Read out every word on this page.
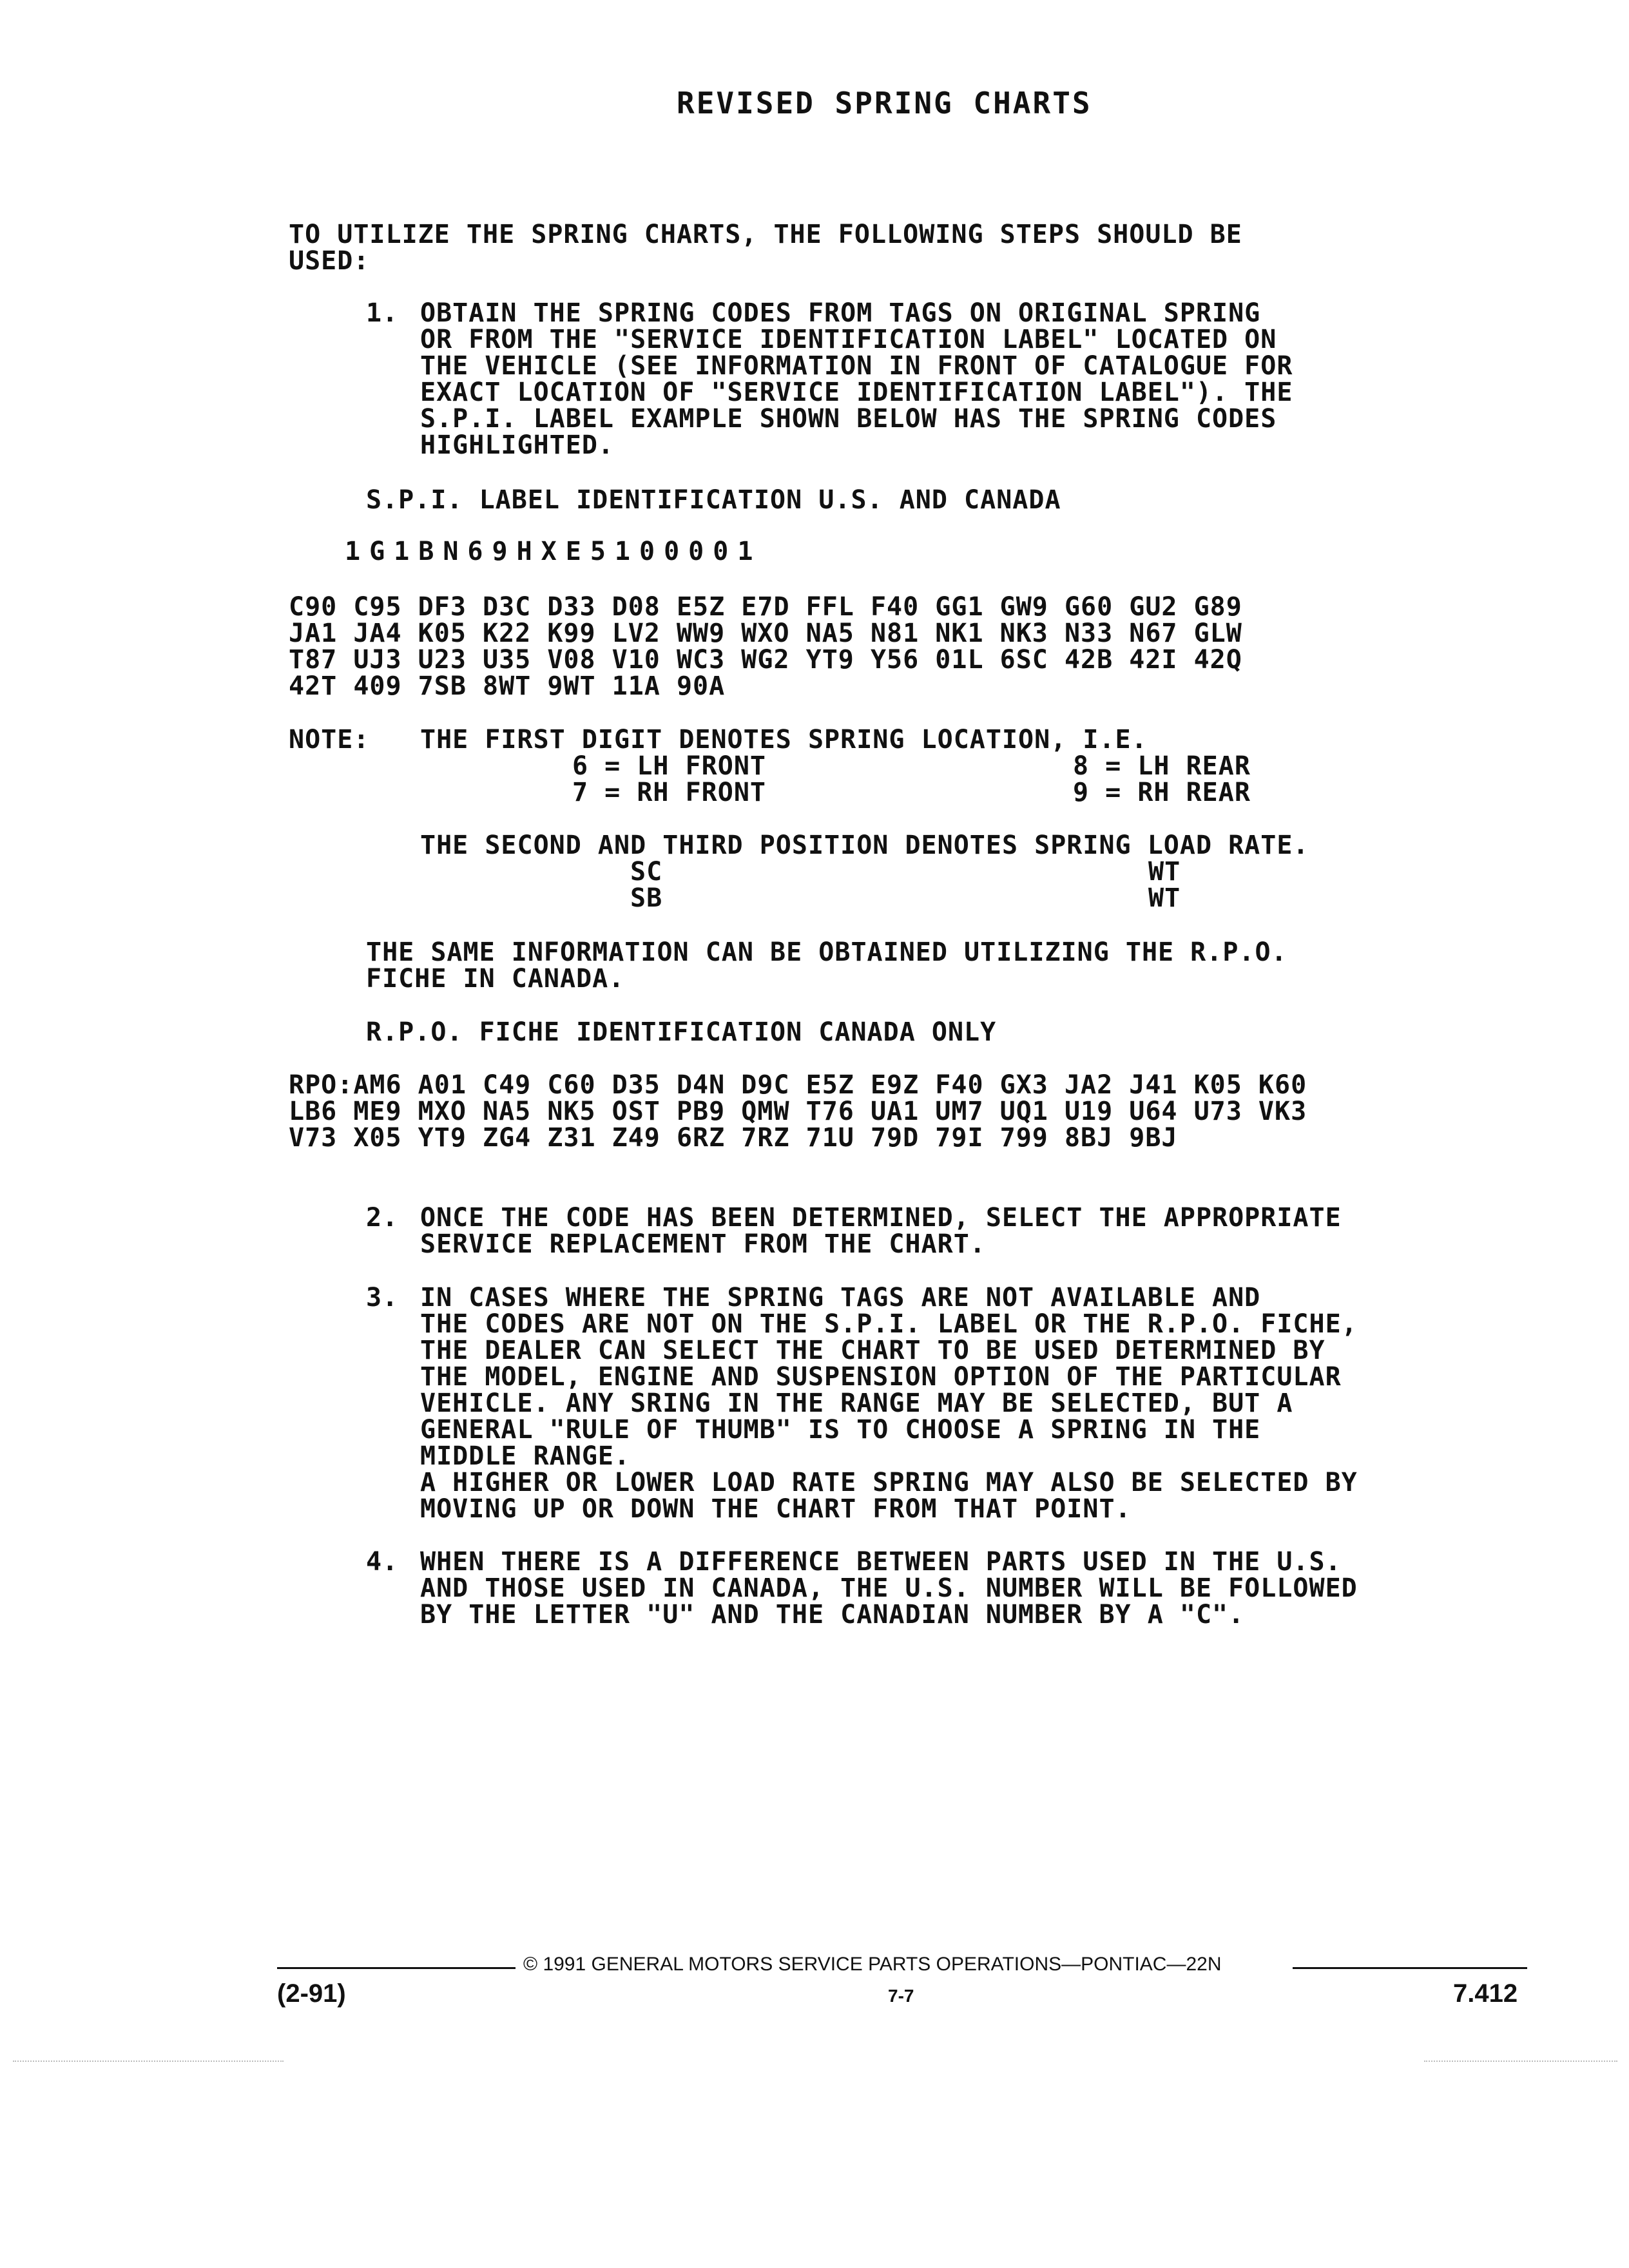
REVISED SPRING CHARTS
TO UTILIZE THE SPRING CHARTS, THE FOLLOWING STEPS SHOULD BE
USED:
1. OBTAIN THE SPRING CODES FROM TAGS ON ORIGINAL SPRING
OR FROM THE "SERVICE IDENTIFICATION LABEL" LOCATED ON
THE VEHICLE (SEE INFORMATION IN FRONT OF CATALOGUE FOR
EXACT LOCATION OF "SERVICE IDENTIFICATION LABEL"). THE
S.P.I. LABEL EXAMPLE SHOWN BELOW HAS THE SPRING CODES
HIGHLIGHTED.
S.P.I. LABEL IDENTIFICATION U.S. AND CANADA
1G1BN69HXE5100001
C90 C95 DF3 D3C D33 D08 E5Z E7D FFL F40 GG1 GW9 G60 GU2 G89
JA1 JA4 K05 K22 K99 LV2 WW9 WXO NA5 N81 NK1 NK3 N33 N67 GLW
T87 UJ3 U23 U35 V08 V10 WC3 WG2 YT9 Y56 01L 6SC 42B 42I 42Q
42T 409 7SB 8WT 9WT 11A 90A
NOTE: THE FIRST DIGIT DENOTES SPRING LOCATION, I.E.
6 = LH FRONT
7 = RH FRONT
8 = LH REAR
9 = RH REAR
THE SECOND AND THIRD POSITION DENOTES SPRING LOAD RATE.
SC
SB
WT
WT
THE SAME INFORMATION CAN BE OBTAINED UTILIZING THE R.P.O.
FICHE IN CANADA.
R.P.O. FICHE IDENTIFICATION CANADA ONLY
RPO:AM6 A01 C49 C60 D35 D4N D9C E5Z E9Z F40 GX3 JA2 J41 K05 K60
LB6 ME9 MXO NA5 NK5 OST PB9 QMW T76 UA1 UM7 UQ1 U19 U64 U73 VK3
V73 X05 YT9 ZG4 Z31 Z49 6RZ 7RZ 71U 79D 79I 799 8BJ 9BJ
2. ONCE THE CODE HAS BEEN DETERMINED, SELECT THE APPROPRIATE
SERVICE REPLACEMENT FROM THE CHART.
3. IN CASES WHERE THE SPRING TAGS ARE NOT AVAILABLE AND
THE CODES ARE NOT ON THE S.P.I. LABEL OR THE R.P.O. FICHE,
THE DEALER CAN SELECT THE CHART TO BE USED DETERMINED BY
THE MODEL, ENGINE AND SUSPENSION OPTION OF THE PARTICULAR
VEHICLE. ANY SRING IN THE RANGE MAY BE SELECTED, BUT A
GENERAL "RULE OF THUMB" IS TO CHOOSE A SPRING IN THE
MIDDLE RANGE.
A HIGHER OR LOWER LOAD RATE SPRING MAY ALSO BE SELECTED BY
MOVING UP OR DOWN THE CHART FROM THAT POINT.
4. WHEN THERE IS A DIFFERENCE BETWEEN PARTS USED IN THE U.S.
AND THOSE USED IN CANADA, THE U.S. NUMBER WILL BE FOLLOWED
BY THE LETTER "U" AND THE CANADIAN NUMBER BY A "C".
© 1991 GENERAL MOTORS SERVICE PARTS OPERATIONS—PONTIAC—22N
(2-91)	7-7	7.412
